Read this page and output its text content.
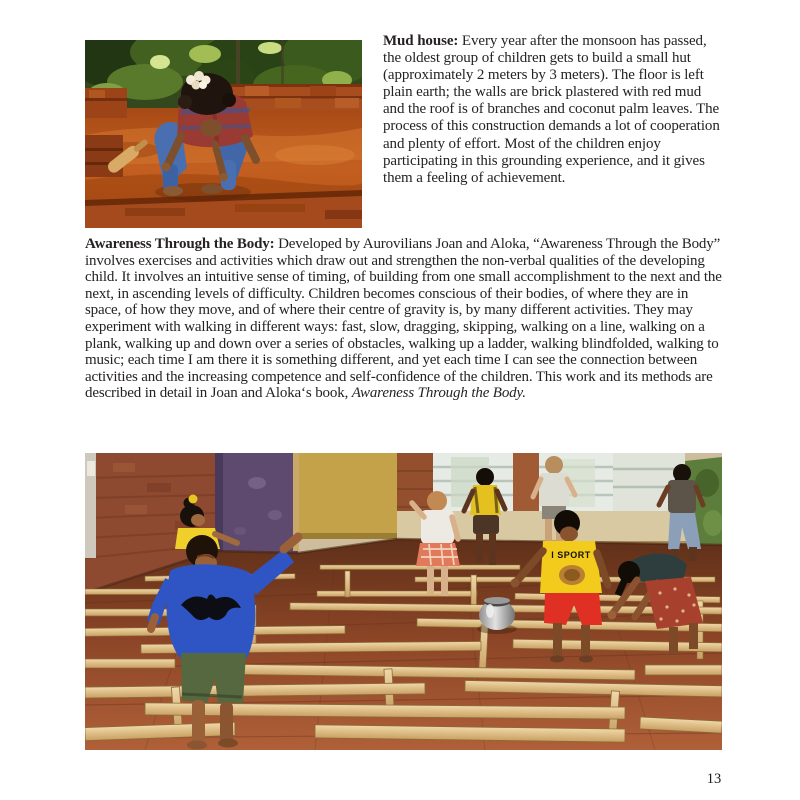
Mud house: Every year after the monsoon has passed, the oldest group of children gets to build a small hut (approximately 2 meters by 3 meters). The floor is left plain earth; the walls are brick plastered with red mud and the roof is of branches and coconut palm leaves. The process of this construction demands a lot of cooperation and plenty of effort. Most of the children enjoy participating in this grounding experience, and it gives them a feeling of achievement.

Awareness Through the Body: Developed by Aurovilians Joan and Aloka, “Awareness Through the Body” involves exercises and activities which draw out and strengthen the non-verbal qualities of the developing child. It involves an intuitive sense of timing, of building from one small accomplishment to the next and the next, in ascending levels of difficulty. Children becomes conscious of their bodies, of where they are in space, of how they move, and of where their centre of gravity is, by many different activities. They may experiment with walking in different ways: fast, slow, dragging, skipping, walking on a line, walking on a plank, walking up and down over a series of obstacles, walking up a ladder, walking blindfolded, walking to music; each time I am there it is something different, and yet each time I can see the connection between activities and the increasing competence and self-confidence of the children. This work and its methods are described in detail in Joan and Aloka‘s book, Awareness Through the Body.

I SPORT
13
